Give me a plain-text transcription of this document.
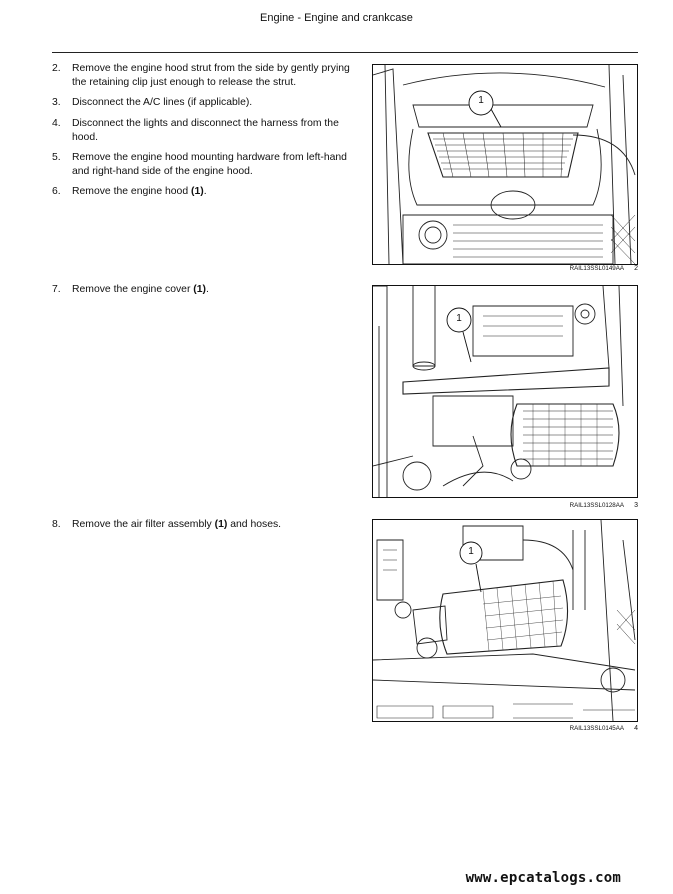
Engine - Engine and crankcase
2.	Remove the engine hood strut from the side by gently prying the retaining clip just enough to release the strut.
3.	Disconnect the A/C lines (if applicable).
4.	Disconnect the lights and disconnect the harness from the hood.
5.	Remove the engine hood mounting hardware from left-hand and right-hand side of the engine hood.
6.	Remove the engine hood (1).
7.	Remove the engine cover (1).
8.	Remove the air filter assembly (1) and hoses.
1
RAIL13SSL0149AA 2
1
RAIL13SSL0128AA 3
1
RAIL13SSL0145AA 4
www.epcatalogs.com
